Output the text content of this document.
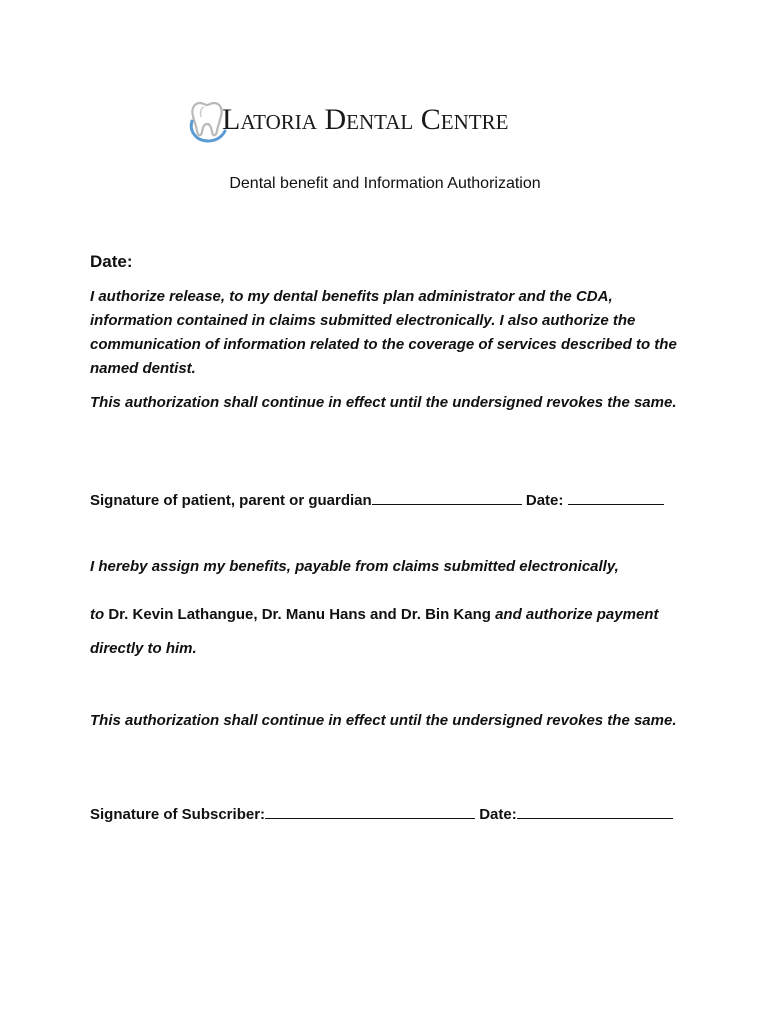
Latoria Dental Centre
Dental benefit and Information Authorization
Date:
I authorize release, to my dental benefits plan administrator and the CDA, information contained in claims submitted electronically. I also authorize the communication of information related to the coverage of services described to the named dentist.
This authorization shall continue in effect until the undersigned revokes the same.
Signature of patient, parent or guardian	Date:
I hereby assign my benefits, payable from claims submitted electronically,
to Dr. Kevin Lathangue, Dr. Manu Hans and Dr. Bin Kang and authorize payment directly to him.
This authorization shall continue in effect until the undersigned revokes the same.
Signature of Subscriber:	Date:
